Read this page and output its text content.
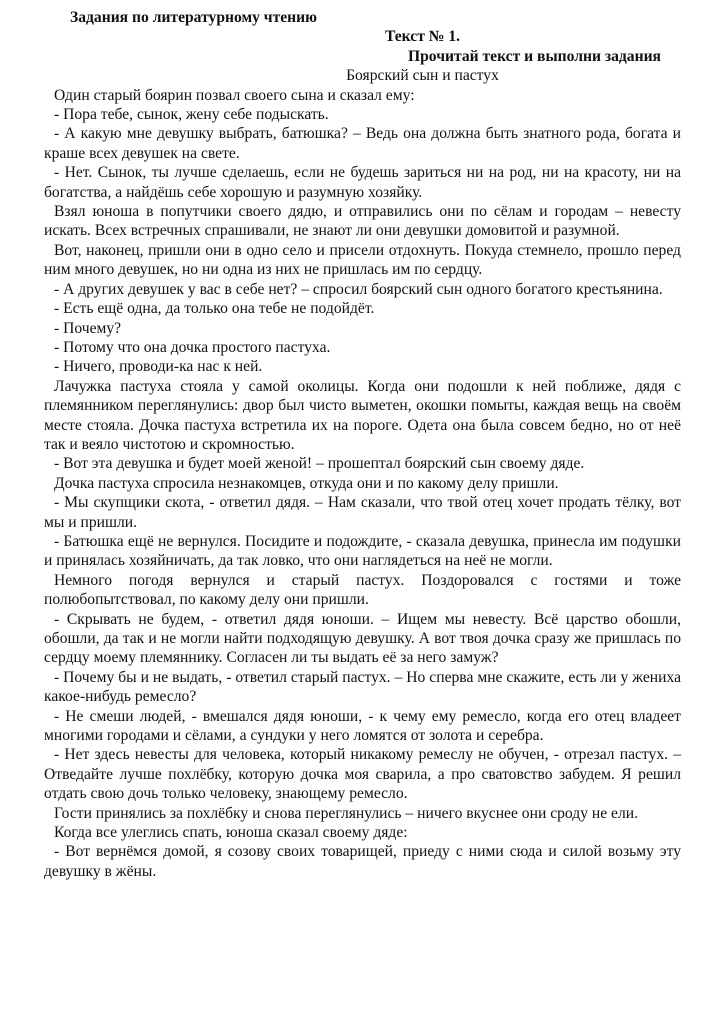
Задания по литературному чтению
Текст № 1.
Прочитай текст и выполни задания
Боярский сын и пастух

Один старый боярин позвал своего сына и сказал ему:

- Пора тебе, сынок, жену себе подыскать.

- А какую мне девушку выбрать, батюшка? – Ведь она должна быть знатного рода, богата и краше всех девушек на свете.

- Нет. Сынок, ты лучше сделаешь, если не будешь зариться ни на род, ни на красоту, ни на богатства, а найдёшь себе хорошую и разумную хозяйку.

Взял юноша в попутчики своего дядю, и отправились они по сёлам и городам – невесту искать. Всех встречных спрашивали, не знают ли они девушки домовитой и разумной.

Вот, наконец, пришли они в одно село и присели отдохнуть. Покуда стемнело, прошло перед ним много девушек, но ни одна из них не пришлась им по сердцу.

- А других девушек у вас в себе нет? – спросил боярский сын одного богатого крестьянина.

- Есть ещё одна, да только она тебе не подойдёт.

- Почему?

- Потому что она дочка простого пастуха.

- Ничего, проводи-ка нас к ней.

Лачужка пастуха стояла у самой околицы. Когда они подошли к ней поближе, дядя с племянником переглянулись: двор был чисто выметен, окошки помыты, каждая вещь на своём месте стояла. Дочка пастуха встретила их на пороге. Одета она была совсем бедно, но от неё так и веяло чистотою и скромностью.

- Вот эта девушка и будет моей женой! – прошептал боярский сын своему дяде.

Дочка пастуха спросила незнакомцев, откуда они и по какому делу пришли.

- Мы скупщики скота, - ответил дядя. – Нам сказали, что твой отец хочет продать тёлку, вот мы и пришли.

- Батюшка ещё не вернулся. Посидите и подождите, - сказала девушка, принесла им подушки и принялась хозяйничать, да так ловко, что они наглядеться на неё не могли.

Немного погодя вернулся и старый пастух. Поздоровался с гостями и тоже полюбопытствовал, по какому делу они пришли.

- Скрывать не будем, - ответил дядя юноши. – Ищем мы невесту. Всё царство обошли, обошли, да так и не могли найти подходящую девушку. А вот твоя дочка сразу же пришлась по сердцу моему племяннику. Согласен ли ты выдать её за него замуж?

- Почему бы и не выдать, - ответил старый пастух. – Но сперва мне скажите, есть ли у жениха какое-нибудь ремесло?

- Не смеши людей, - вмешался дядя юноши, - к чему ему ремесло, когда его отец владеет многими городами и сёлами, а сундуки у него ломятся от золота и серебра.

- Нет здесь невесты для человека, который никакому ремеслу не обучен, - отрезал пастух. – Отведайте лучше похлёбку, которую дочка моя сварила, а про сватовство забудем. Я решил отдать свою дочь только человеку, знающему ремесло.

Гости принялись за похлёбку и снова переглянулись – ничего вкуснее они сроду не ели.

Когда все улеглись спать, юноша сказал своему дяде:

- Вот вернёмся домой, я созову своих товарищей, приеду с ними сюда и силой возьму эту девушку в жёны.
